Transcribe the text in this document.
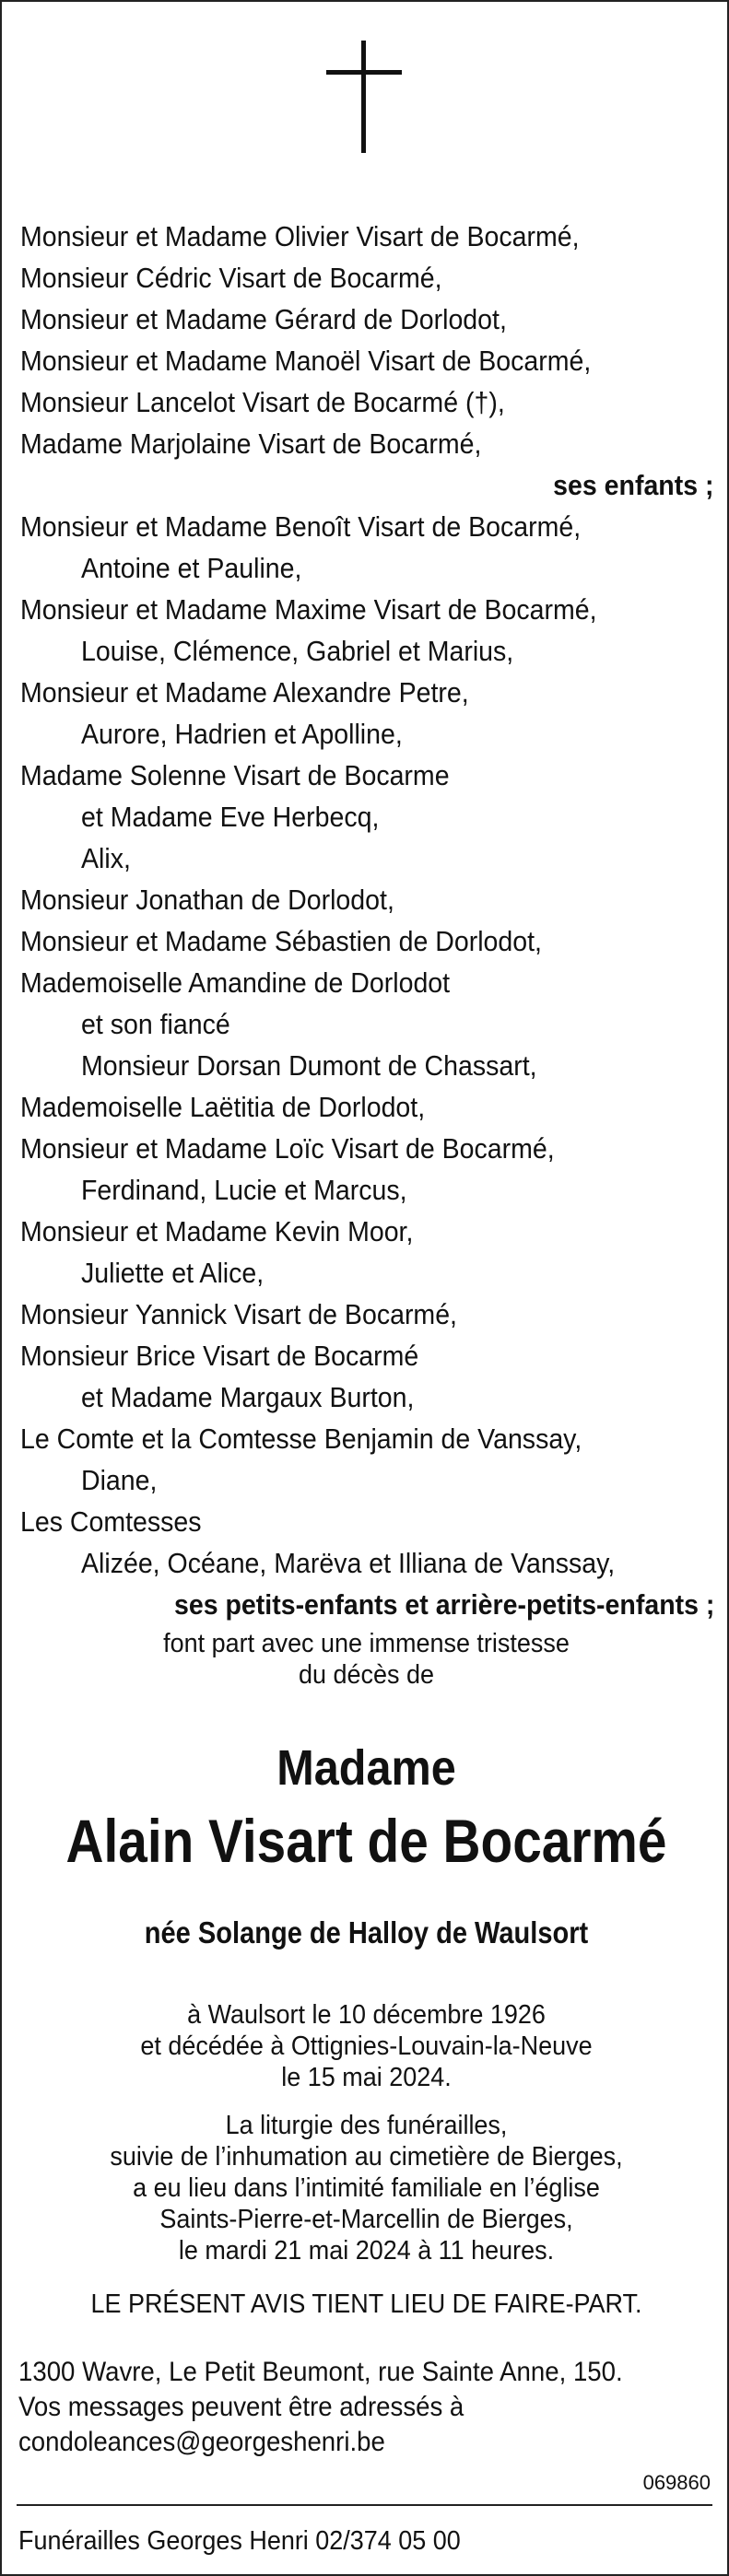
Monsieur et Madame Olivier Visart de Bocarmé,
Monsieur Cédric Visart de Bocarmé,
Monsieur et Madame Gérard de Dorlodot,
Monsieur et Madame Manoël Visart de Bocarmé,
Monsieur Lancelot Visart de Bocarmé (†),
Madame Marjolaine Visart de Bocarmé,
ses enfants ;
Monsieur et Madame Benoît Visart de Bocarmé,
Antoine et Pauline,
Monsieur et Madame Maxime Visart de Bocarmé,
Louise, Clémence, Gabriel et Marius,
Monsieur et Madame Alexandre Petre,
Aurore, Hadrien et Apolline,
Madame Solenne Visart de Bocarme
et Madame Eve Herbecq,
Alix,
Monsieur Jonathan de Dorlodot,
Monsieur et Madame Sébastien de Dorlodot,
Mademoiselle Amandine de Dorlodot
et son fiancé
Monsieur Dorsan Dumont de Chassart,
Mademoiselle Laëtitia de Dorlodot,
Monsieur et Madame Loïc Visart de Bocarmé,
Ferdinand, Lucie et Marcus,
Monsieur et Madame Kevin Moor,
Juliette et Alice,
Monsieur Yannick Visart de Bocarmé,
Monsieur Brice Visart de Bocarmé
et Madame Margaux Burton,
Le Comte et la Comtesse Benjamin de Vanssay,
Diane,
Les Comtesses
Alizée, Océane, Marëva et Illiana de Vanssay,
ses petits-enfants et arrière-petits-enfants ;
font part avec une immense tristesse
du décès de
Madame
Alain Visart de Bocarmé
née Solange de Halloy de Waulsort
à Waulsort le 10 décembre 1926
et décédée à Ottignies-Louvain-la-Neuve
le 15 mai 2024.
La liturgie des funérailles,
suivie de l’inhumation au cimetière de Bierges,
a eu lieu dans l’intimité familiale en l’église
Saints-Pierre-et-Marcellin de Bierges,
le mardi 21 mai 2024 à 11 heures.
LE PRÉSENT AVIS TIENT LIEU DE FAIRE-PART.
1300 Wavre, Le Petit Beumont, rue Sainte Anne, 150.
Vos messages peuvent être adressés à
condoleances@georgeshenri.be
069860
Funérailles Georges Henri 02/374 05 00
